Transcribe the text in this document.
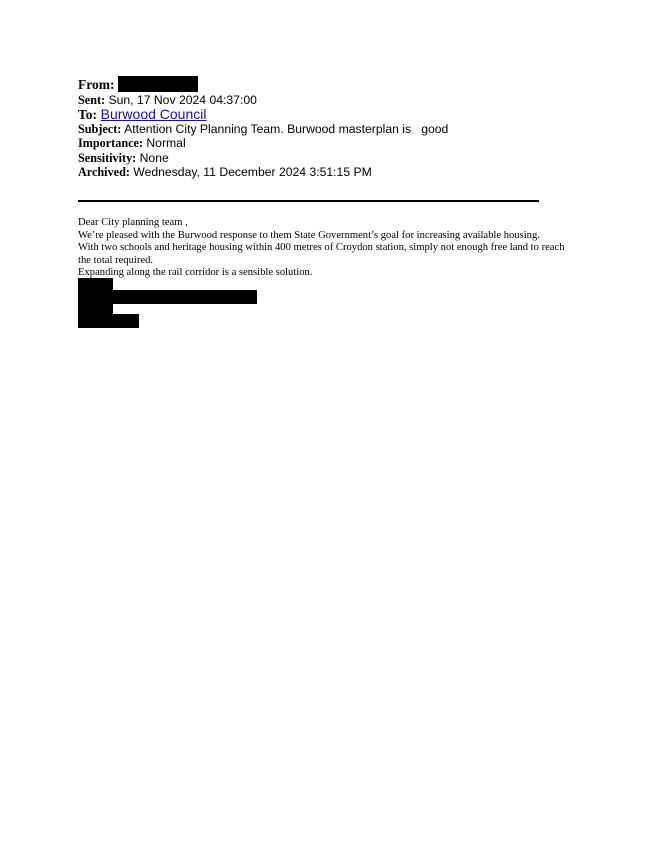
From:
Sent: Sun, 17 Nov 2024 04:37:00
To: Burwood Council
Subject: Attention City Planning Team. Burwood masterplan is   good
Importance: Normal
Sensitivity: None
Archived: Wednesday, 11 December 2024 3:51:15 PM

Dear City planning team ,

We’re pleased with the Burwood response to them State Government’s goal for increasing available housing.

With two schools and heritage housing within 400 metres of Croydon station, simply not enough free land to reach the total required.

Expanding along the rail corridor is a sensible solution.
